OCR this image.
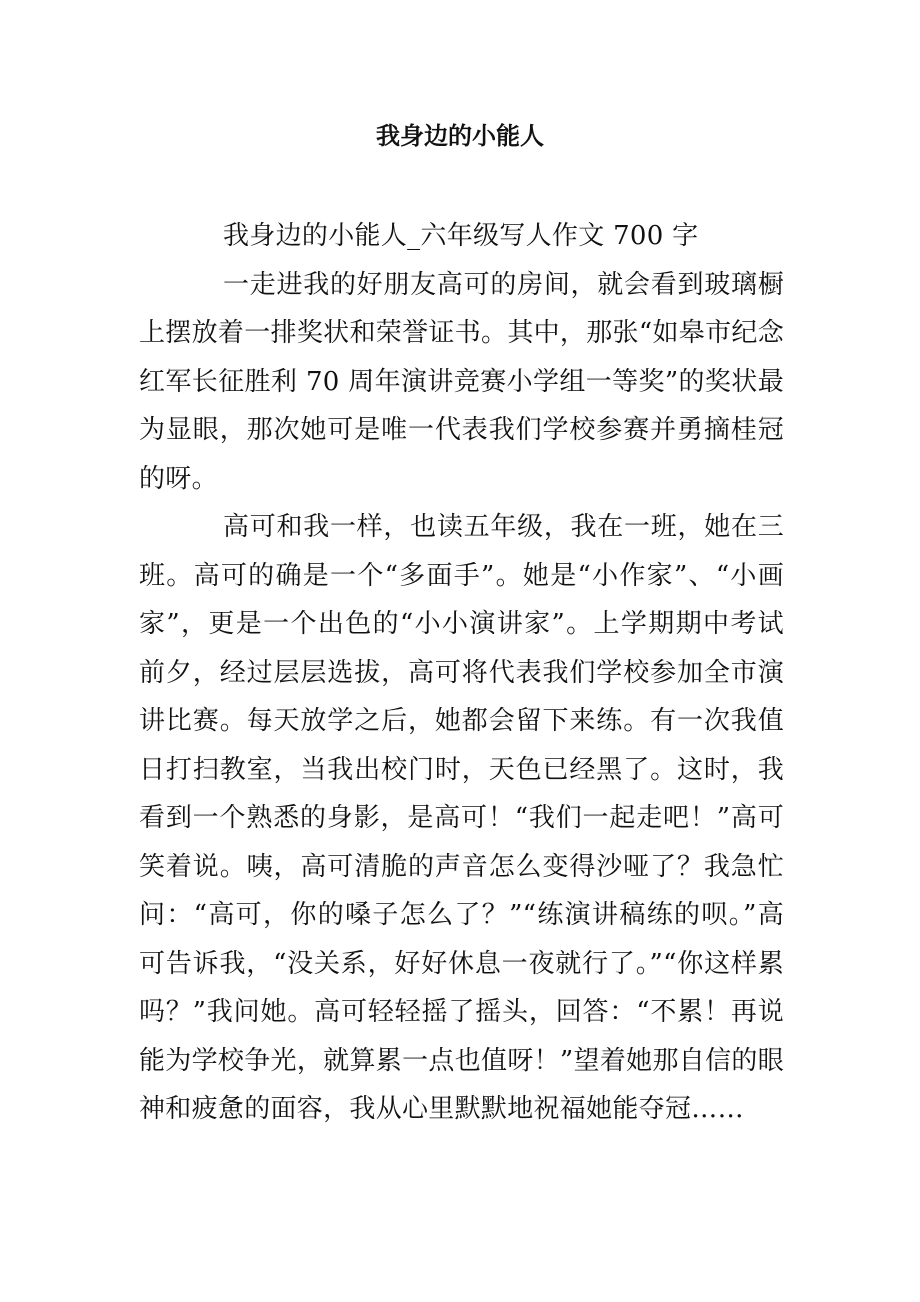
我身边的小能人

我身边的小能人_六年级写人作文 700 字

一走进我的好朋友高可的房间，就会看到玻璃橱上摆放着一排奖状和荣誉证书。其中，那张“如皋市纪念红军长征胜利 70 周年演讲竞赛小学组一等奖”的奖状最为显眼，那次她可是唯一代表我们学校参赛并勇摘桂冠的呀。

高可和我一样，也读五年级，我在一班，她在三班。高可的确是一个“多面手”。她是“小作家”、“小画家”，更是一个出色的“小小演讲家”。上学期期中考试前夕，经过层层选拔，高可将代表我们学校参加全市演讲比赛。每天放学之后，她都会留下来练。有一次我值日打扫教室，当我出校门时，天色已经黑了。这时，我看到一个熟悉的身影，是高可！“我们一起走吧！”高可笑着说。咦，高可清脆的声音怎么变得沙哑了？我急忙问：“高可，你的嗓子怎么了？”“练演讲稿练的呗。”高可告诉我，“没关系，好好休息一夜就行了。”“你这样累吗？”我问她。高可轻轻摇了摇头，回答：“不累！再说能为学校争光，就算累一点也值呀！”望着她那自信的眼神和疲惫的面容，我从心里默默地祝福她能夺冠……
